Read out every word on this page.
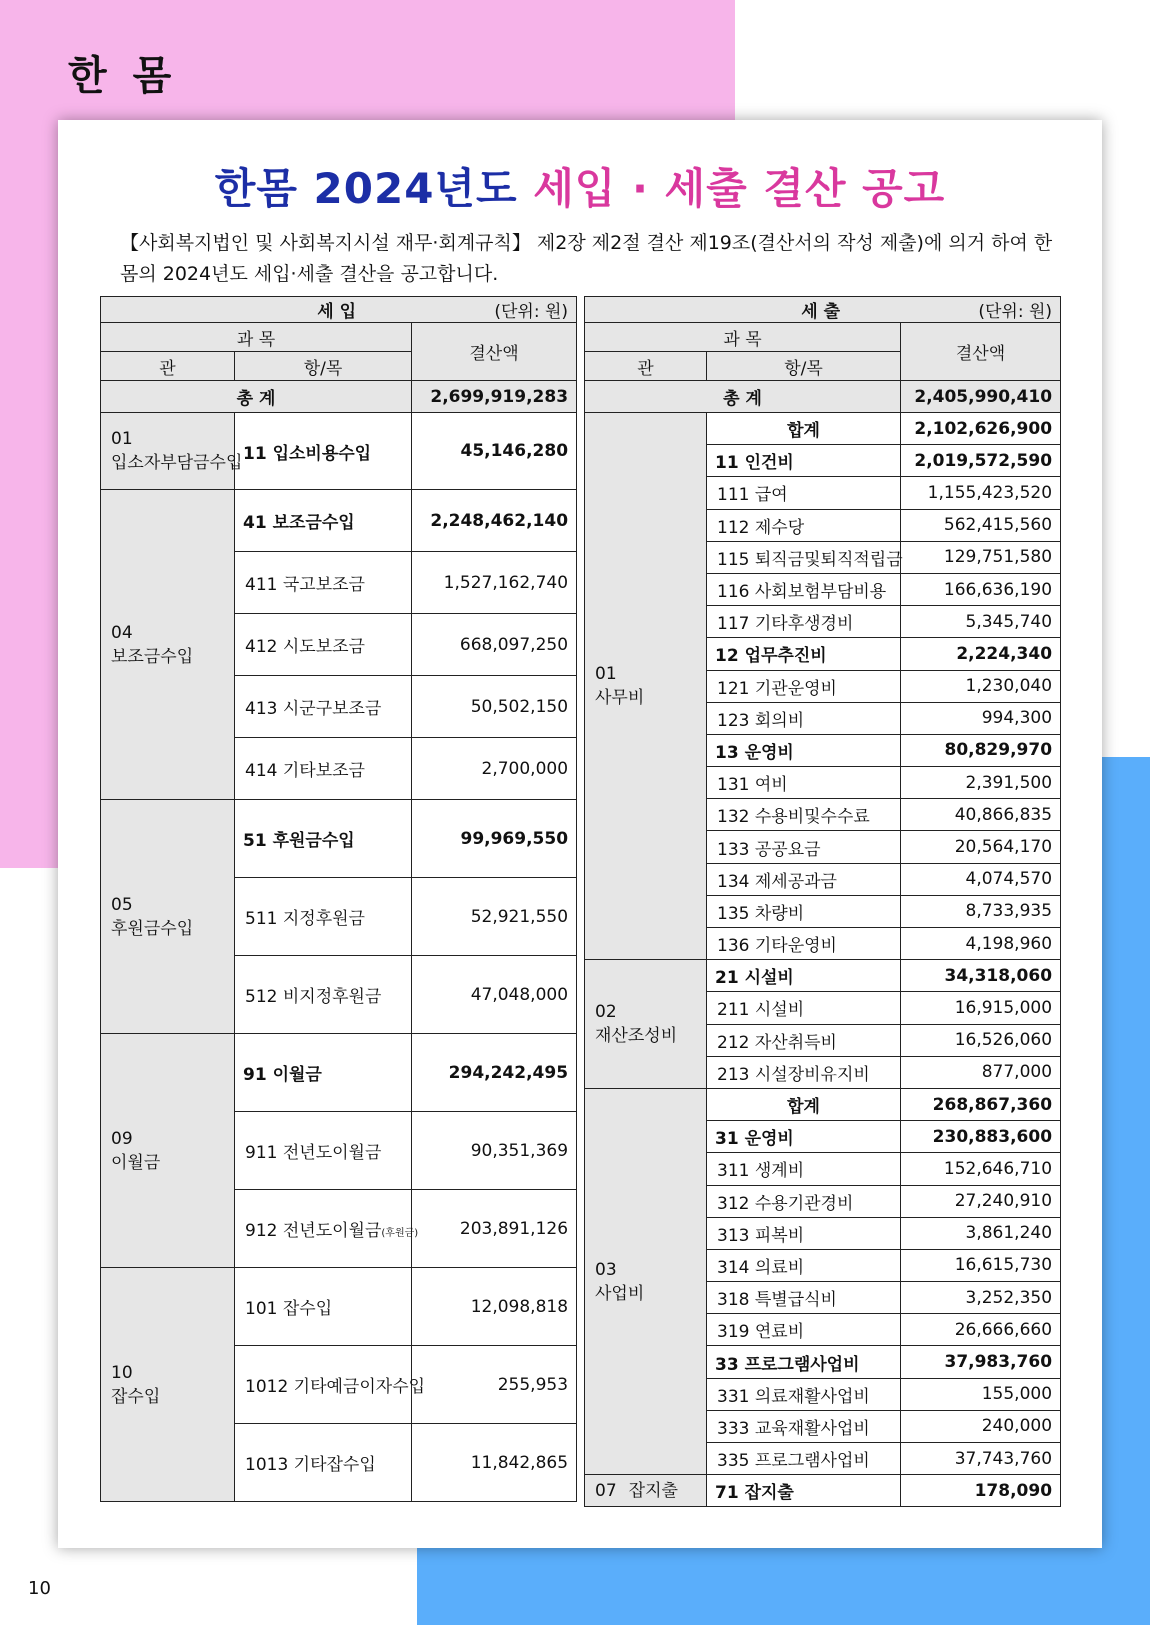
한 몸
10
한몸 2024년도 세입 · 세출 결산 공고
【사회복지법인 및 사회복지시설 재무·회계규칙】 제2장 제2절 결산 제19조(결산서의 작성 제출)에 의거 하여 한몸의 2024년도 세입·세출 결산을 공고합니다.
(단위: 원)
세 입		
과 목		결산액
관	항/목	
총 계		2,699,919,283

01
입소자부담금수입	11 입소비용수입	45,146,280

04
보조금수입	41 보조금수입	2,248,462,140
	411 국고보조금	1,527,162,740
	412 시도보조금	668,097,250
	413 시군구보조금	50,502,150
	414 기타보조금	2,700,000

05
후원금수입	51 후원금수입	99,969,550
	511 지정후원금	52,921,550
	512 비지정후원금	47,048,000

09
이월금	91 이월금	294,242,495
	911 전년도이월금	90,351,369
	912 전년도이월금(후원금)	203,891,126

10
잡수입	101 잡수입	12,098,818
	1012 기타예금이자수입	255,953
	1013 기타잡수입	11,842,865
(단위: 원)
세 출		
과 목		결산액
관	항/목	
총 계		2,405,990,410

01
사무비	합계	2,102,626,900
	11 인건비	2,019,572,590
	111 급여	1,155,423,520
	112 제수당	562,415,560
	115 퇴직금및퇴직적립금	129,751,580
	116 사회보험부담비용	166,636,190
	117 기타후생경비	5,345,740
	12 업무추진비	2,224,340
	121 기관운영비	1,230,040
	123 회의비	994,300
	13 운영비	80,829,970
	131 여비	2,391,500
	132 수용비및수수료	40,866,835
	133 공공요금	20,564,170
	134 제세공과금	4,074,570
	135 차량비	8,733,935
	136 기타운영비	4,198,960

02
재산조성비	21 시설비	34,318,060
	211 시설비	16,915,000
	212 자산취득비	16,526,060
	213 시설장비유지비	877,000

03
사업비	합계	268,867,360
	31 운영비	230,883,600
	311 생계비	152,646,710
	312 수용기관경비	27,240,910
	313 피복비	3,861,240
	314 의료비	16,615,730
	318 특별급식비	3,252,350
	319 연료비	26,666,660
	33 프로그램사업비	37,983,760
	331 의료재활사업비	155,000
	333 교육재활사업비	240,000
	335 프로그램사업비	37,743,760
07 잡지출	71 잡지출	178,090
